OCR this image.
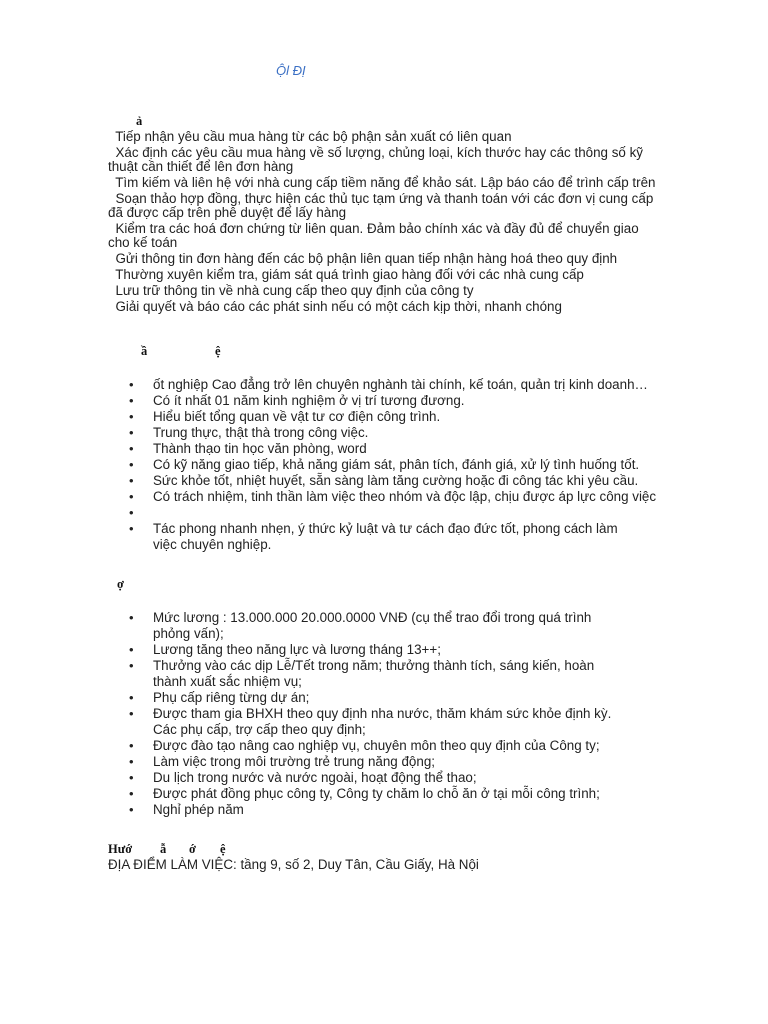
Ộl ĐỊ
ả
Tiếp nhận yêu cầu mua hàng từ các bộ phận sản xuất có liên quan
Xác định các yêu cầu mua hàng về số lượng, chủng loại, kích thước hay các thông số kỹ
thuật cần thiết để lên đơn hàng
Tìm kiếm và liên hệ với nhà cung cấp tiềm năng để khảo sát. Lập báo cáo để trình cấp trên
Soạn thảo hợp đồng, thực hiện các thủ tục tạm ứng và thanh toán với các đơn vị cung cấp
đã được cấp trên phê duyệt để lấy hàng
Kiểm tra các hoá đơn chứng từ liên quan. Đảm bảo chính xác và đầy đủ để chuyển giao
cho kế toán
Gửi thông tin đơn hàng đến các bộ phận liên quan tiếp nhận hàng hoá theo quy định
Thường xuyên kiểm tra, giám sát quá trình giao hàng đối với các nhà cung cấp
Lưu trữ thông tin về nhà cung cấp theo quy định của công ty
Giải quyết và báo cáo các phát sinh nếu có một cách kịp thời, nhanh chóng
ầ	ệ
• ốt nghiệp Cao đẳng trở lên chuyên nghành tài chính, kế toán, quản trị kinh doanh…
• Có ít nhất 01 năm kinh nghiệm ở vị trí tương đương.
• Hiểu biết tổng quan về vật tư cơ điện công trình.
• Trung thực, thật thà trong công việc.
• Thành thạo tin học văn phòng, word
• Có kỹ năng giao tiếp, khả năng giám sát, phân tích, đánh giá, xử lý tình huống tốt.
• Sức khỏe tốt, nhiệt huyết, sẵn sàng làm tăng cường hoặc đi công tác khi yêu cầu.
• Có trách nhiệm, tinh thần làm việc theo nhóm và độc lập, chịu được áp lực công việc
•
• Tác phong nhanh nhẹn, ý thức kỷ luật và tư cách đạo đức tốt, phong cách làm việc chuyên nghiệp.
ợ
• Mức lương : 13.000.000 20.000.0000 VNĐ (cụ thể trao đổi trong quá trình phỏng vấn);
• Lương tăng theo năng lực và lương tháng 13++;
• Thưởng vào các dịp Lễ/Tết trong năm; thưởng thành tích, sáng kiến, hoàn thành xuất sắc nhiệm vụ;
• Phụ cấp riêng từng dự án;
• Được tham gia BHXH theo quy định nha nước, thăm khám sức khỏe định kỳ. Các phụ cấp, trợ cấp theo quy định;
• Được đào tạo nâng cao nghiệp vụ, chuyên môn theo quy định của Công ty;
• Làm việc trong môi trường trẻ trung năng động;
• Du lịch trong nước và nước ngoài, hoạt động thể thao;
• Được phát đồng phục công ty, Công ty chăm lo chỗ ăn ở tại mỗi công trình;
• Nghỉ phép năm
Hướ ẫ ớ ệ
ĐỊA ĐIỂM LÀM VIỆC: tầng 9, số 2, Duy Tân, Cầu Giấy, Hà Nội
